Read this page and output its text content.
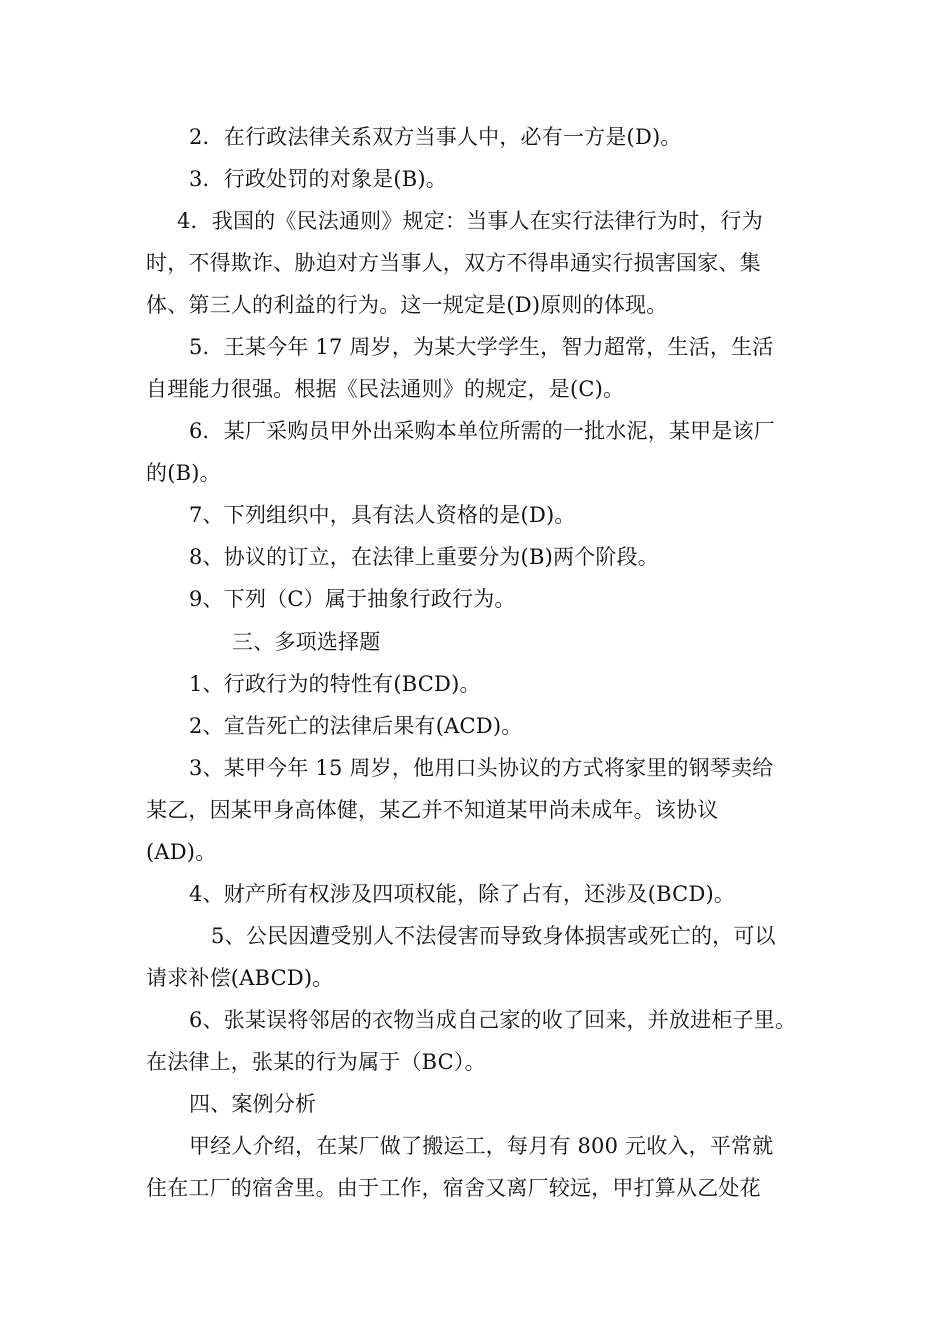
2．在行政法律关系双方当事人中，必有一方是(D)。
3．行政处罚的对象是(B)。
4．我国的《民法通则》规定：当事人在实行法律行为时，行为
时，不得欺诈、胁迫对方当事人，双方不得串通实行损害国家、集
体、第三人的利益的行为。这一规定是(D)原则的体现。
5．王某今年 17 周岁，为某大学学生，智力超常，生活，生活
自理能力很强。根据《民法通则》的规定，是(C)。
6．某厂采购员甲外出采购本单位所需的一批水泥，某甲是该厂
的(B)。
7、下列组织中，具有法人资格的是(D)。
8、协议的订立，在法律上重要分为(B)两个阶段。
9、下列（C）属于抽象行政行为。
三、多项选择题
1、行政行为的特性有(BCD)。
2、宣告死亡的法律后果有(ACD)。
3、某甲今年 15 周岁，他用口头协议的方式将家里的钢琴卖给
某乙，因某甲身高体健，某乙并不知道某甲尚未成年。该协议
(AD)。
4、财产所有权涉及四项权能，除了占有，还涉及(BCD)。
5、公民因遭受别人不法侵害而导致身体损害或死亡的，可以
请求补偿(ABCD)。
6、张某误将邻居的衣物当成自己家的收了回来，并放进柜子里。
在法律上，张某的行为属于（BC）。
四、案例分析
甲经人介绍，在某厂做了搬运工，每月有 800 元收入，平常就
住在工厂的宿舍里。由于工作，宿舍又离厂较远，甲打算从乙处花
